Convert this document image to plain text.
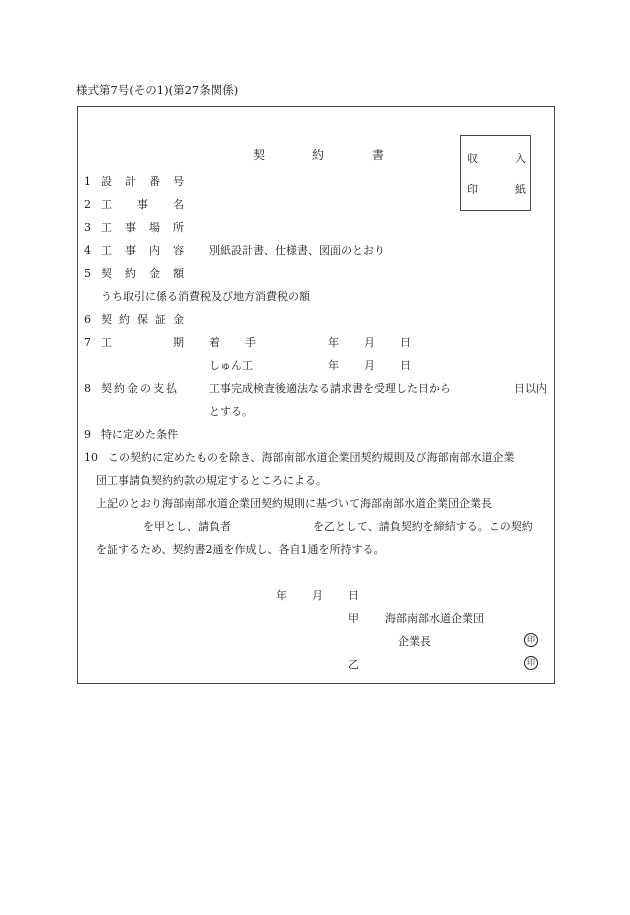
様式第7号(その1)(第27条関係)
契	約	書	収	入
印	紙
1 設 計 番 号
2 工 事 名
3 工 事 場 所
4 工 事 内 容 別紙設計書、仕様書、図面のとおり
5 契 約 金 額
うち取引に係る消費税及び地方消費税の額
6 契 約 保 証 金
7 工	期 着 手	年 月 日
しゅん工	年 月 日
8 契約金の支払	工事完成検査後適法なる請求書を受理した日から	日以内
とする。
9 特に定めた条件
10 この契約に定めたものを除き、海部南部水道企業団契約規則及び海部南部水道企業
団工事請負契約約款の規定するところによる。
上記のとおり海部南部水道企業団契約規則に基づいて海部南部水道企業団企業長
を甲とし、請負者	を乙として、請負契約を締結する。この契約
を証するため、契約書2通を作成し、各自1通を所持する。
年 月 日
甲 海部南部水道企業団
企業長	印
乙	印
